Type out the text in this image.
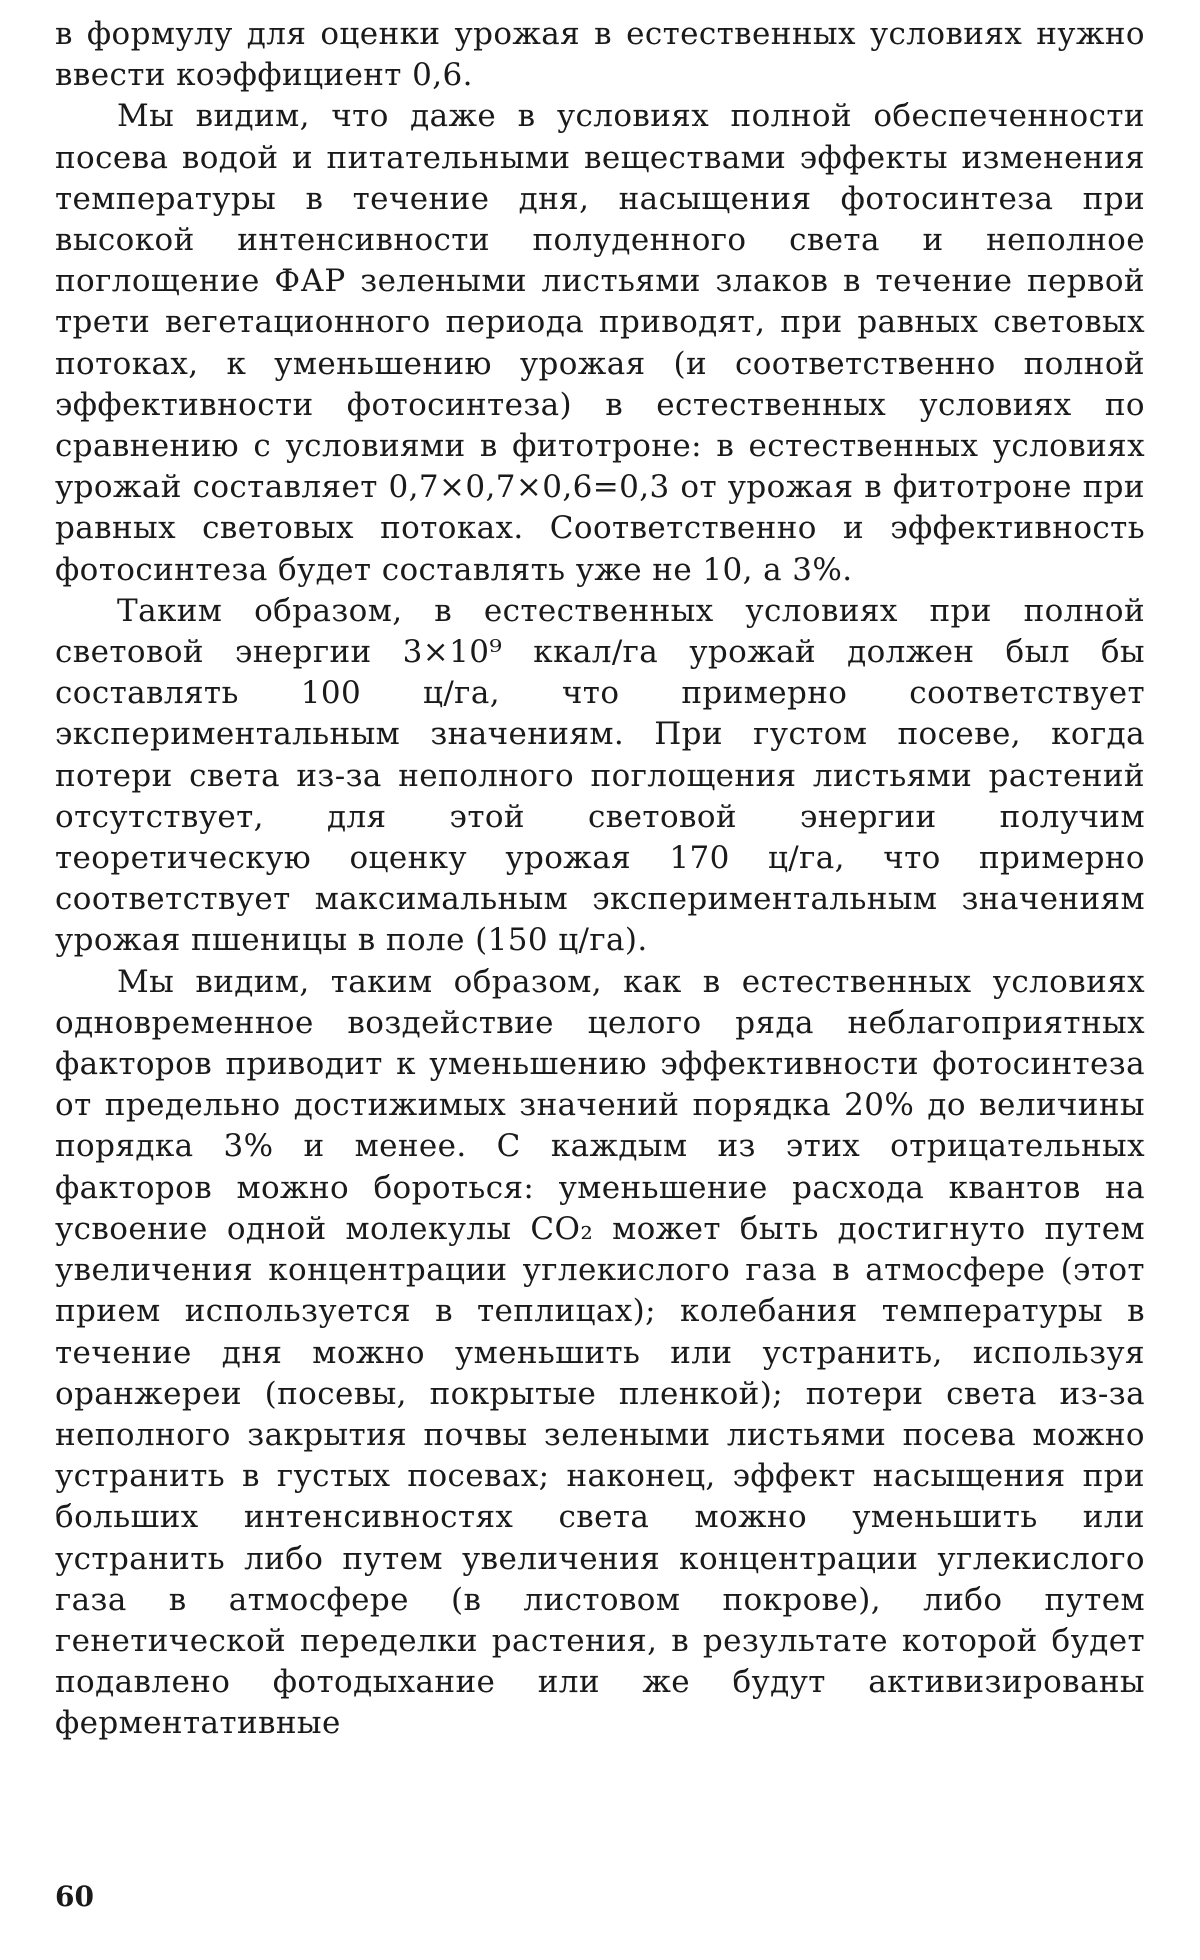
в формулу для оценки урожая в естественных условиях нужно ввести коэффициент 0,6.

Мы видим, что даже в условиях полной обеспеченности посева водой и питательными веществами эффекты изменения температуры в течение дня, насыщения фотосинтеза при высокой интенсивности полуденного света и неполное поглощение ФАР зелеными листьями злаков в течение первой трети вегетационного периода приводят, при равных световых потоках, к уменьшению урожая (и соответственно полной эффективности фотосинтеза) в естественных условиях по сравнению с условиями в фитотроне: в естественных условиях урожай составляет 0,7×0,7×0,6=0,3 от урожая в фитотроне при равных световых потоках. Соответственно и эффективность фотосинтеза будет составлять уже не 10, а 3%.

Таким образом, в естественных условиях при полной световой энергии 3×10⁹ ккал/га урожай должен был бы составлять 100 ц/га, что примерно соответствует экспериментальным значениям. При густом посеве, когда потери света из-за неполного поглощения листьями растений отсутствует, для этой световой энергии получим теоретическую оценку урожая 170 ц/га, что примерно соответствует максимальным экспериментальным значениям урожая пшеницы в поле (150 ц/га).

Мы видим, таким образом, как в естественных условиях одновременное воздействие целого ряда неблагоприятных факторов приводит к уменьшению эффективности фотосинтеза от предельно достижимых значений порядка 20% до величины порядка 3% и менее. С каждым из этих отрицательных факторов можно бороться: уменьшение расхода квантов на усвоение одной молекулы CO₂ может быть достигнуто путем увеличения концентрации углекислого газа в атмосфере (этот прием используется в теплицах); колебания температуры в течение дня можно уменьшить или устранить, используя оранжереи (посевы, покрытые пленкой); потери света из-за неполного закрытия почвы зелеными листьями посева можно устранить в густых посевах; наконец, эффект насыщения при больших интенсивностях света можно уменьшить или устранить либо путем увеличения концентрации углекислого газа в атмосфере (в листовом покрове), либо путем генетической переделки растения, в результате которой будет подавлено фотодыхание или же будут активизированы ферментативные

60
